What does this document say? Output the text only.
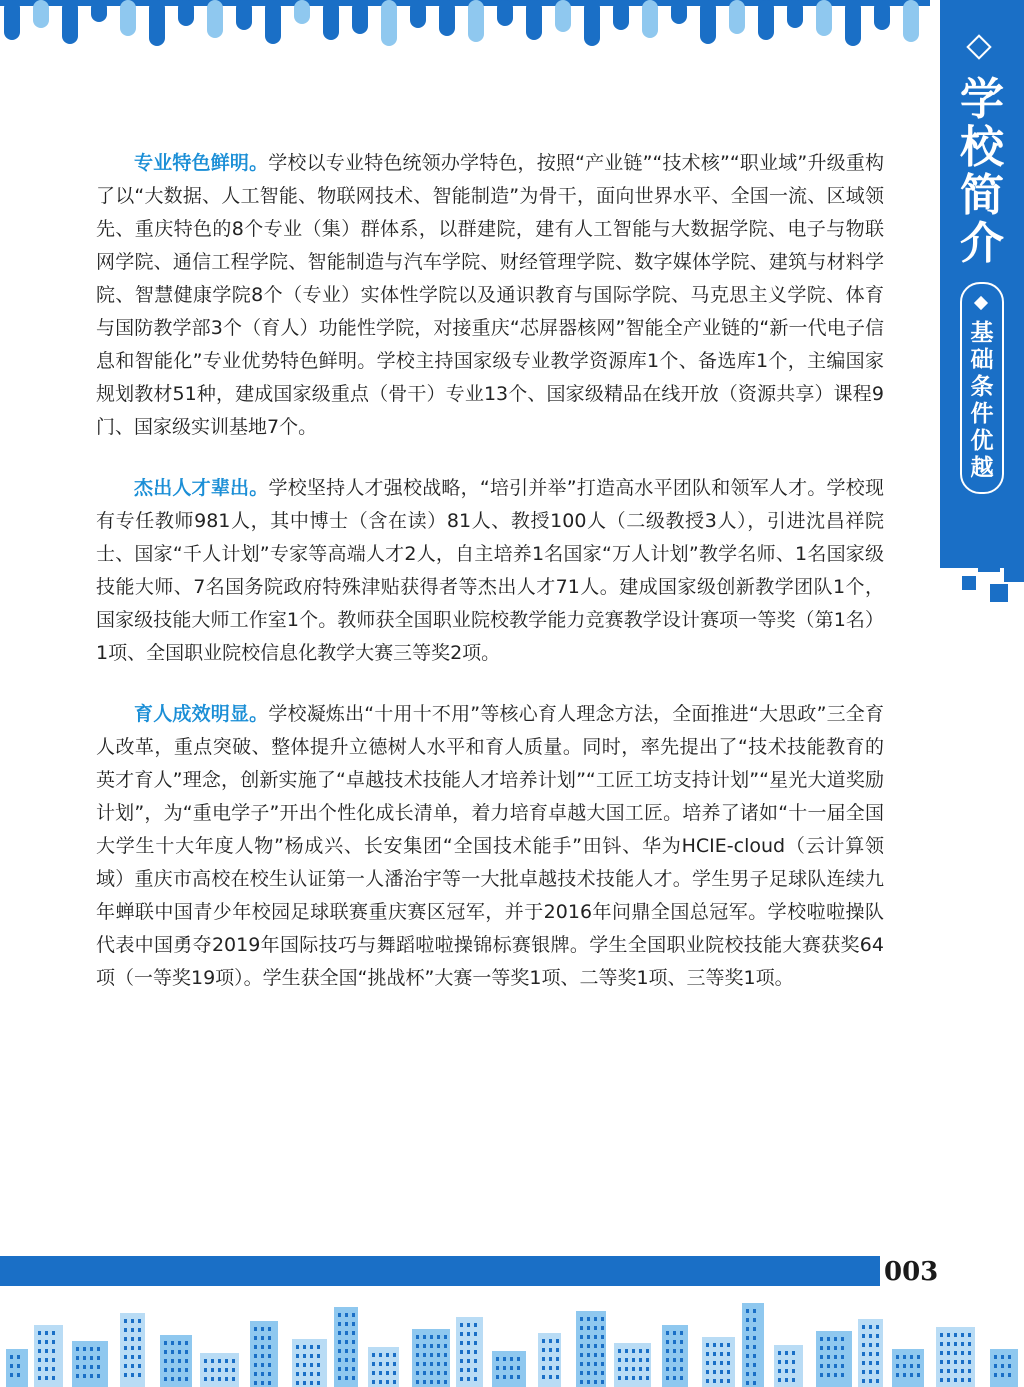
学
校
简
介
基
础
条
件
优
越

专业特色鲜明。学校以专业特色统领办学特色，按照“产业链”“技术核”“职业域”升级重构了以“大数据、人工智能、物联网技术、智能制造”为骨干，面向世界水平、全国一流、区域领先、重庆特色的8个专业（集）群体系，以群建院，建有人工智能与大数据学院、电子与物联网学院、通信工程学院、智能制造与汽车学院、财经管理学院、数字媒体学院、建筑与材料学院、智慧健康学院8个（专业）实体性学院以及通识教育与国际学院、马克思主义学院、体育与国防教学部3个（育人）功能性学院，对接重庆“芯屏器核网”智能全产业链的“新一代电子信息和智能化”专业优势特色鲜明。学校主持国家级专业教学资源库1个、备选库1个，主编国家规划教材51种，建成国家级重点（骨干）专业13个、国家级精品在线开放（资源共享）课程9门、国家级实训基地7个。

杰出人才辈出。学校坚持人才强校战略，“培引并举”打造高水平团队和领军人才。学校现有专任教师981人，其中博士（含在读）81人、教授100人（二级教授3人），引进沈昌祥院士、国家“千人计划”专家等高端人才2人，自主培养1名国家“万人计划”教学名师、1名国家级技能大师、7名国务院政府特殊津贴获得者等杰出人才71人。建成国家级创新教学团队1个，国家级技能大师工作室1个。教师获全国职业院校教学能力竞赛教学设计赛项一等奖（第1名）1项、全国职业院校信息化教学大赛三等奖2项。

育人成效明显。学校凝炼出“十用十不用”等核心育人理念方法，全面推进“大思政”三全育人改革，重点突破、整体提升立德树人水平和育人质量。同时，率先提出了“技术技能教育的英才育人”理念，创新实施了“卓越技术技能人才培养计划”“工匠工坊支持计划”“星光大道奖励计划”，为“重电学子”开出个性化成长清单，着力培育卓越大国工匠。培养了诸如“十一届全国大学生十大年度人物”杨成兴、长安集团“全国技术能手”田钭、华为HCIE-cloud（云计算领域）重庆市高校在校生认证第一人潘治宇等一大批卓越技术技能人才。学生男子足球队连续九年蝉联中国青少年校园足球联赛重庆赛区冠军，并于2016年问鼎全国总冠军。学校啦啦操队代表中国勇夺2019年国际技巧与舞蹈啦啦操锦标赛银牌。学生全国职业院校技能大赛获奖64项（一等奖19项）。学生获全国“挑战杯”大赛一等奖1项、二等奖1项、三等奖1项。

003
